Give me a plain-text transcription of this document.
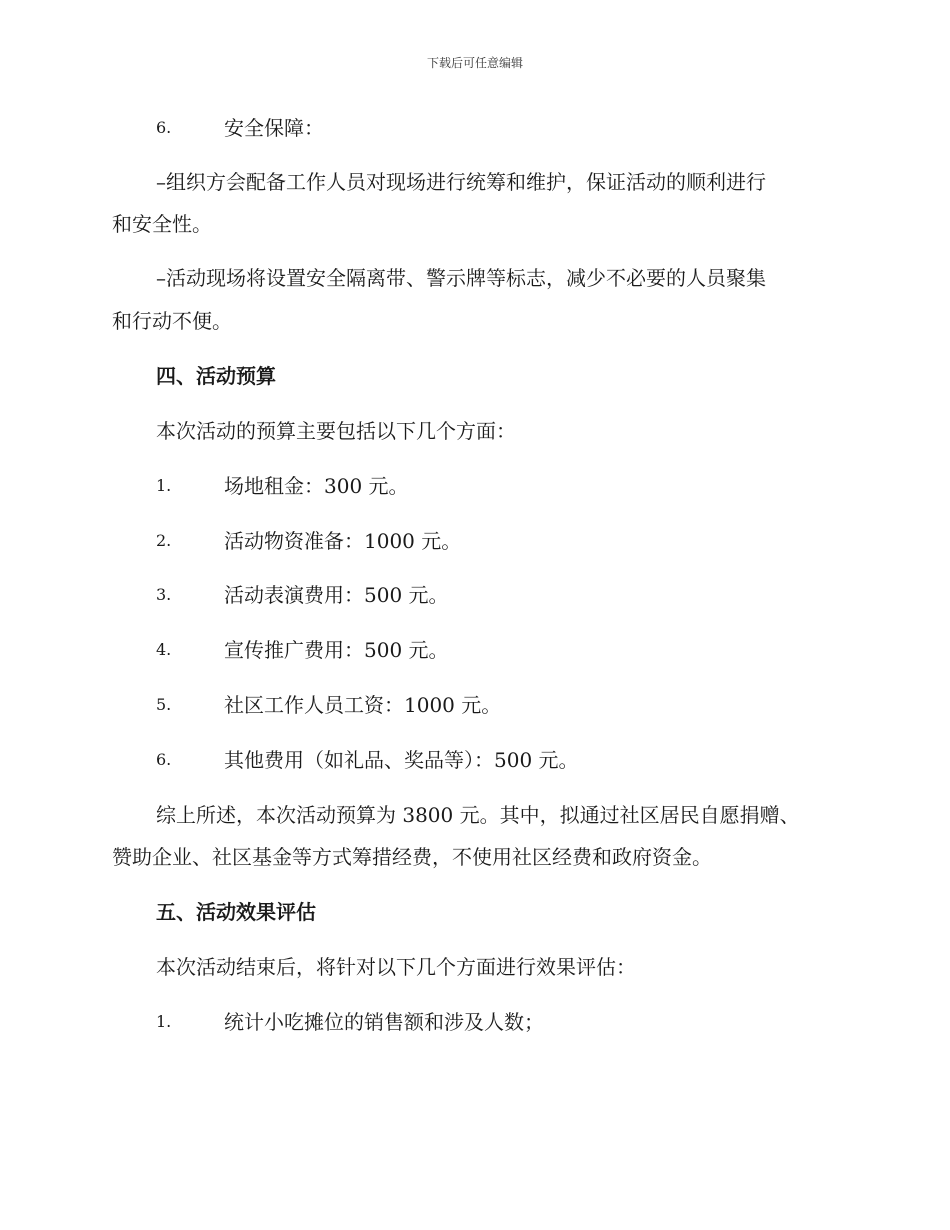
下载后可任意编辑
6.	安全保障：
–组织方会配备工作人员对现场进行统筹和维护，保证活动的顺利进行
和安全性。
–活动现场将设置安全隔离带、警示牌等标志，减少不必要的人员聚集
和行动不便。
四、活动预算
本次活动的预算主要包括以下几个方面：
1.	场地租金：300 元。
2.	活动物资准备：1000 元。
3.	活动表演费用：500 元。
4.	宣传推广费用：500 元。
5.	社区工作人员工资：1000 元。
6.	其他费用（如礼品、奖品等）：500 元。
综上所述，本次活动预算为 3800 元。其中，拟通过社区居民自愿捐赠、
赞助企业、社区基金等方式筹措经费，不使用社区经费和政府资金。
五、活动效果评估
本次活动结束后，将针对以下几个方面进行效果评估：
1.	统计小吃摊位的销售额和涉及人数；
